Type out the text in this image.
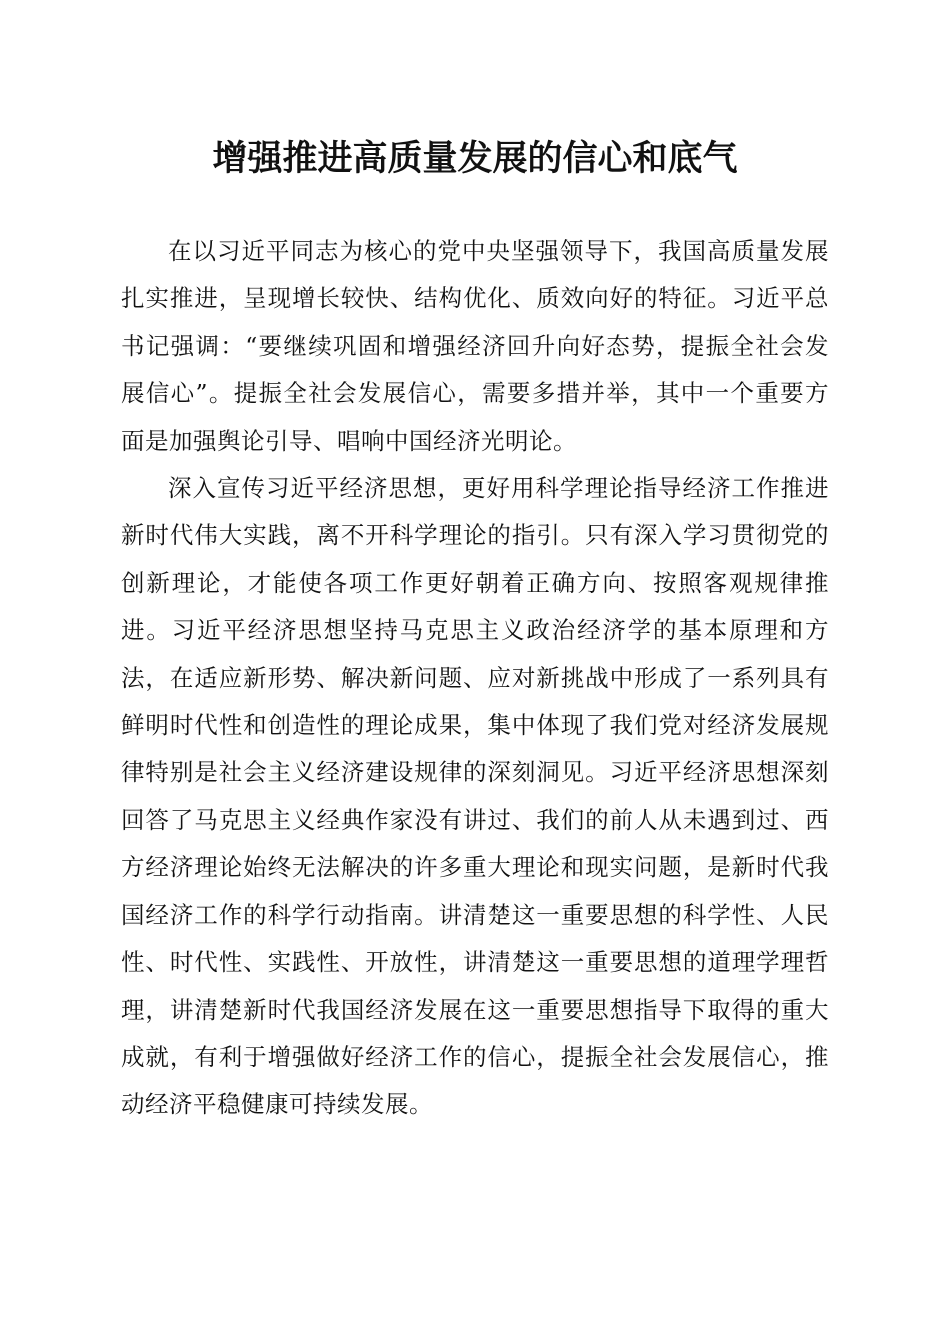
增强推进高质量发展的信心和底气

在以习近平同志为核心的党中央坚强领导下，我国高质量发展扎实推进，呈现增长较快、结构优化、质效向好的特征。习近平总书记强调：“要继续巩固和增强经济回升向好态势，提振全社会发展信心”。提振全社会发展信心，需要多措并举，其中一个重要方面是加强舆论引导、唱响中国经济光明论。

深入宣传习近平经济思想，更好用科学理论指导经济工作推进新时代伟大实践，离不开科学理论的指引。只有深入学习贯彻党的创新理论，才能使各项工作更好朝着正确方向、按照客观规律推进。习近平经济思想坚持马克思主义政治经济学的基本原理和方法，在适应新形势、解决新问题、应对新挑战中形成了一系列具有鲜明时代性和创造性的理论成果，集中体现了我们党对经济发展规律特别是社会主义经济建设规律的深刻洞见。习近平经济思想深刻回答了马克思主义经典作家没有讲过、我们的前人从未遇到过、西方经济理论始终无法解决的许多重大理论和现实问题，是新时代我国经济工作的科学行动指南。讲清楚这一重要思想的科学性、人民性、时代性、实践性、开放性，讲清楚这一重要思想的道理学理哲理，讲清楚新时代我国经济发展在这一重要思想指导下取得的重大成就，有利于增强做好经济工作的信心，提振全社会发展信心，推动经济平稳健康可持续发展。
